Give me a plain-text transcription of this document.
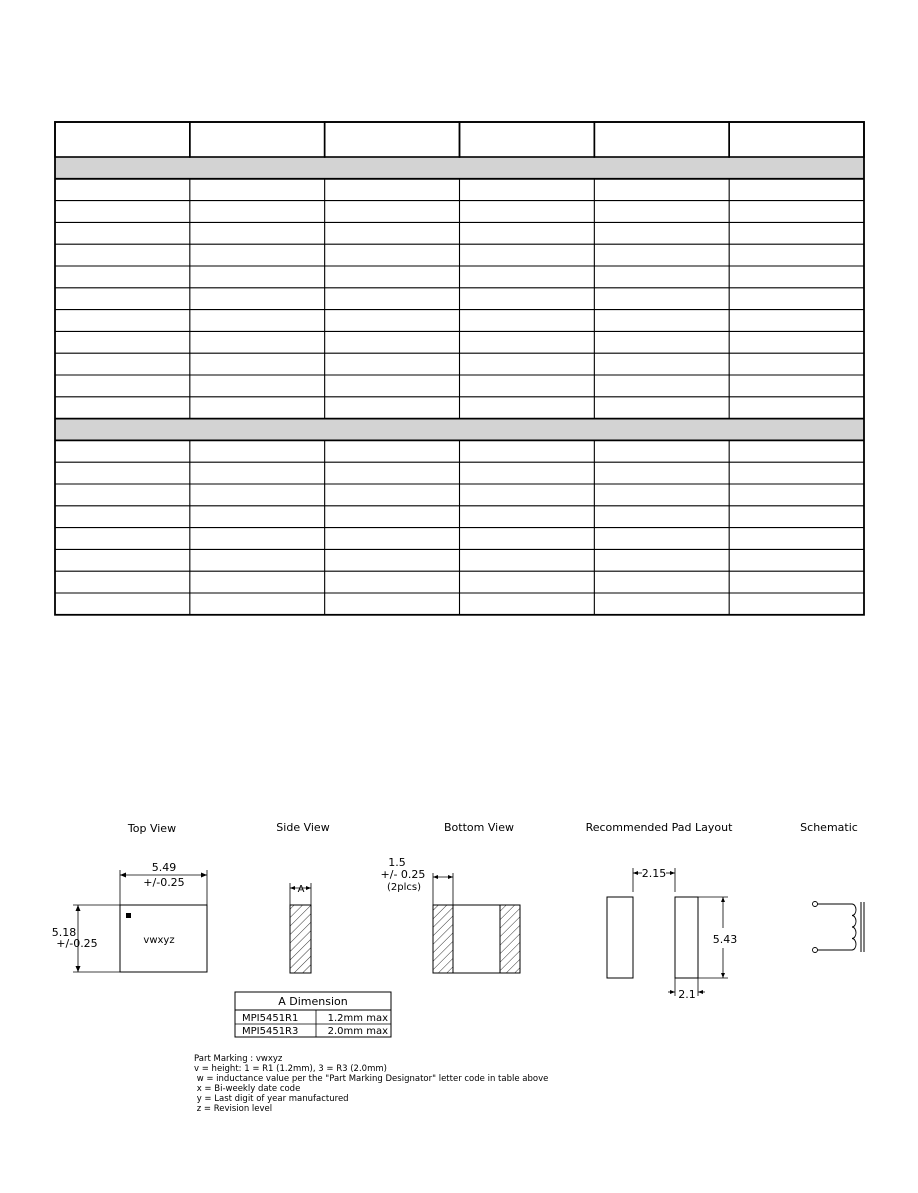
Top View
vwxyz
5.49
+/-0.25
5.18
+/-0.25
Side View
A
Bottom View
1.5
+/- 0.25
(2plcs)
Recommended Pad Layout
2.15
5.43
2.1
Schematic
A Dimension
MPI5451R1	1.2mm max
MPI5451R3	2.0mm max
Part Marking : vwxyz
v = height: 1 = R1 (1.2mm), 3 = R3 (2.0mm)
w = inductance value per the "Part Marking Designator" letter code in table above
x = Bi-weekly date code
y = Last digit of year manufactured
z = Revision level
